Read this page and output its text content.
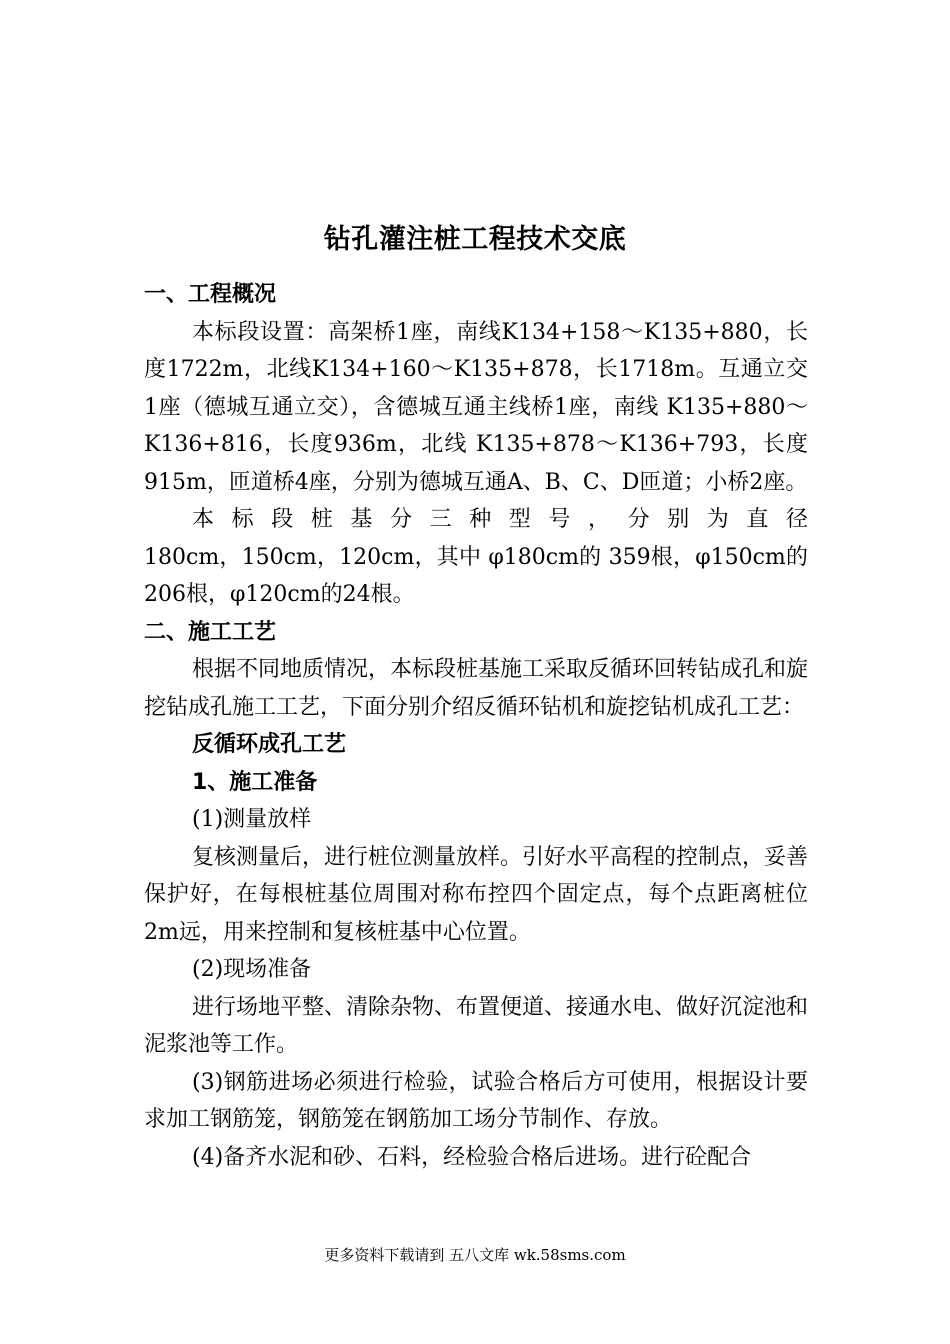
钻孔灌注桩工程技术交底

一、工程概况

本标段设置：高架桥1座，南线K134+158～K135+880，长度1722m，北线K134+160～K135+878，长1718m。互通立交1座（德城互通立交），含德城互通主线桥1座，南线 K135+880～K136+816，长度936m，北线 K135+878～K136+793，长度915m，匝道桥4座，分别为德城互通A、B、C、D匝道；小桥2座。

本标段桩基分三种型号，分别为直径

180cm，150cm，120cm，其中 φ180cm的 359根，φ150cm的206根，φ120cm的24根。

二、施工工艺

根据不同地质情况，本标段桩基施工采取反循环回转钻成孔和旋挖钻成孔施工工艺，下面分别介绍反循环钻机和旋挖钻机成孔工艺：

反循环成孔工艺

1、施工准备

(1)测量放样

复核测量后，进行桩位测量放样。引好水平高程的控制点，妥善保护好，在每根桩基位周围对称布控四个固定点，每个点距离桩位2m远，用来控制和复核桩基中心位置。

(2)现场准备

进行场地平整、清除杂物、布置便道、接通水电、做好沉淀池和泥浆池等工作。

(3)钢筋进场必须进行检验，试验合格后方可使用，根据设计要求加工钢筋笼，钢筋笼在钢筋加工场分节制作、存放。

(4)备齐水泥和砂、石料，经检验合格后进场。进行砼配合

更多资料下载请到 五八文库 wk.58sms.com
